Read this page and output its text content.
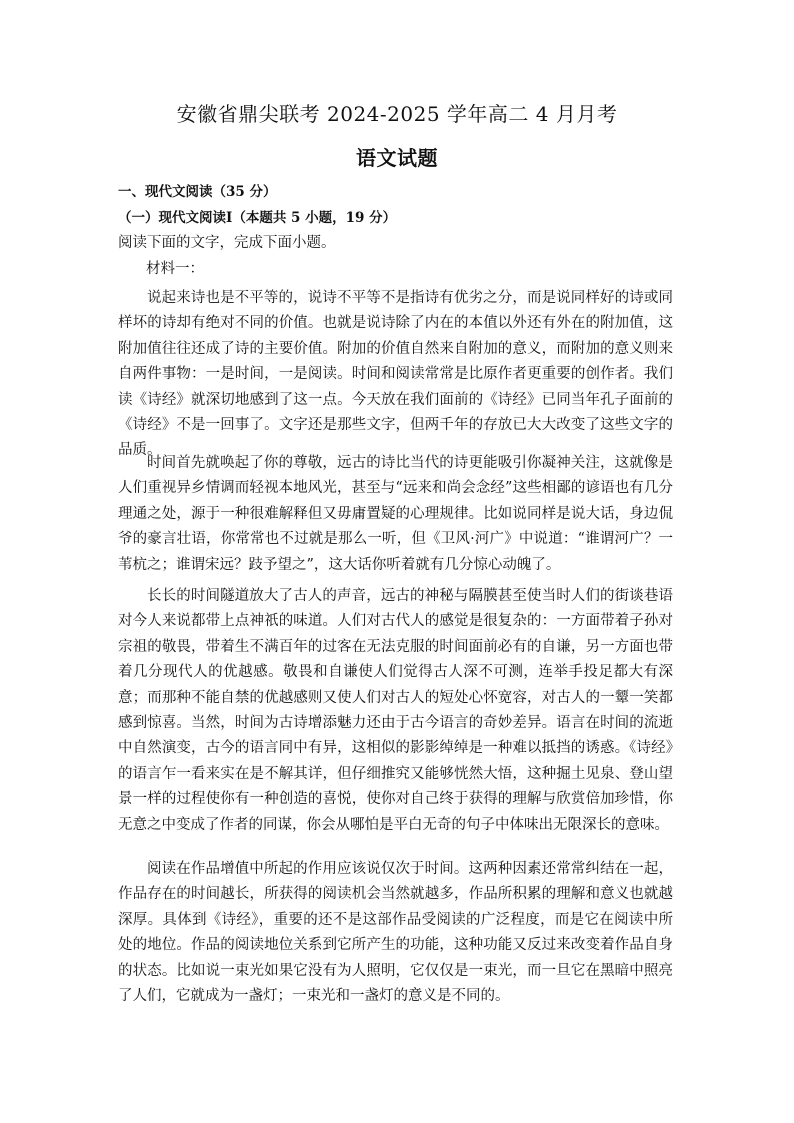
安徽省鼎尖联考 2024-2025 学年高二 4 月月考
语文试题
一、现代文阅读（35 分）
（一）现代文阅读Ⅰ（本题共 5 小题，19 分）
阅读下面的文字，完成下面小题。
材料一：
说起来诗也是不平等的，说诗不平等不是指诗有优劣之分，而是说同样好的诗或同样坏的诗却有绝对不同的价值。也就是说诗除了内在的本值以外还有外在的附加值，这附加值往往还成了诗的主要价值。附加的价值自然来自附加的意义，而附加的意义则来自两件事物：一是时间，一是阅读。时间和阅读常常是比原作者更重要的创作者。我们读《诗经》就深切地感到了这一点。今天放在我们面前的《诗经》已同当年孔子面前的《诗经》不是一回事了。文字还是那些文字，但两千年的存放已大大改变了这些文字的品质。
时间首先就唤起了你的尊敬，远古的诗比当代的诗更能吸引你凝神关注，这就像是人们重视异乡情调而轻视本地风光，甚至与“远来和尚会念经”这些相鄙的谚语也有几分理通之处，源于一种很难解释但又毋庸置疑的心理规律。比如说同样是说大话，身边侃爷的豪言壮语，你常常也不过就是那么一听，但《卫风·河广》中说道：“谁谓河广？一苇杭之；谁谓宋远？跂予望之”，这大话你听着就有几分惊心动魄了。
长长的时间隧道放大了古人的声音，远古的神秘与隔膜甚至使当时人们的街谈巷语对今人来说都带上点神祇的味道。人们对古代人的感觉是很复杂的：一方面带着子孙对宗祖的敬畏，带着生不满百年的过客在无法克服的时间面前必有的自谦，另一方面也带着几分现代人的优越感。敬畏和自谦使人们觉得古人深不可测，连举手投足都大有深意；而那种不能自禁的优越感则又使人们对古人的短处心怀宽容，对古人的一颦一笑都感到惊喜。当然，时间为古诗增添魅力还由于古今语言的奇妙差异。语言在时间的流逝中自然演变，古今的语言同中有异，这相似的影影绰绰是一种难以抵挡的诱惑。《诗经》的语言乍一看来实在是不解其详，但仔细推究又能够恍然大悟，这种掘土见泉、登山望景一样的过程使你有一种创造的喜悦，使你对自己终于获得的理解与欣赏倍加珍惜，你无意之中变成了作者的同谋，你会从哪怕是平白无奇的句子中体味出无限深长的意味。
阅读在作品增值中所起的作用应该说仅次于时间。这两种因素还常常纠结在一起，作品存在的时间越长，所获得的阅读机会当然就越多，作品所积累的理解和意义也就越深厚。具体到《诗经》，重要的还不是这部作品受阅读的广泛程度，而是它在阅读中所处的地位。作品的阅读地位关系到它所产生的功能，这种功能又反过来改变着作品自身的状态。比如说一束光如果它没有为人照明，它仅仅是一束光，而一旦它在黑暗中照亮了人们，它就成为一盏灯；一束光和一盏灯的意义是不同的。
